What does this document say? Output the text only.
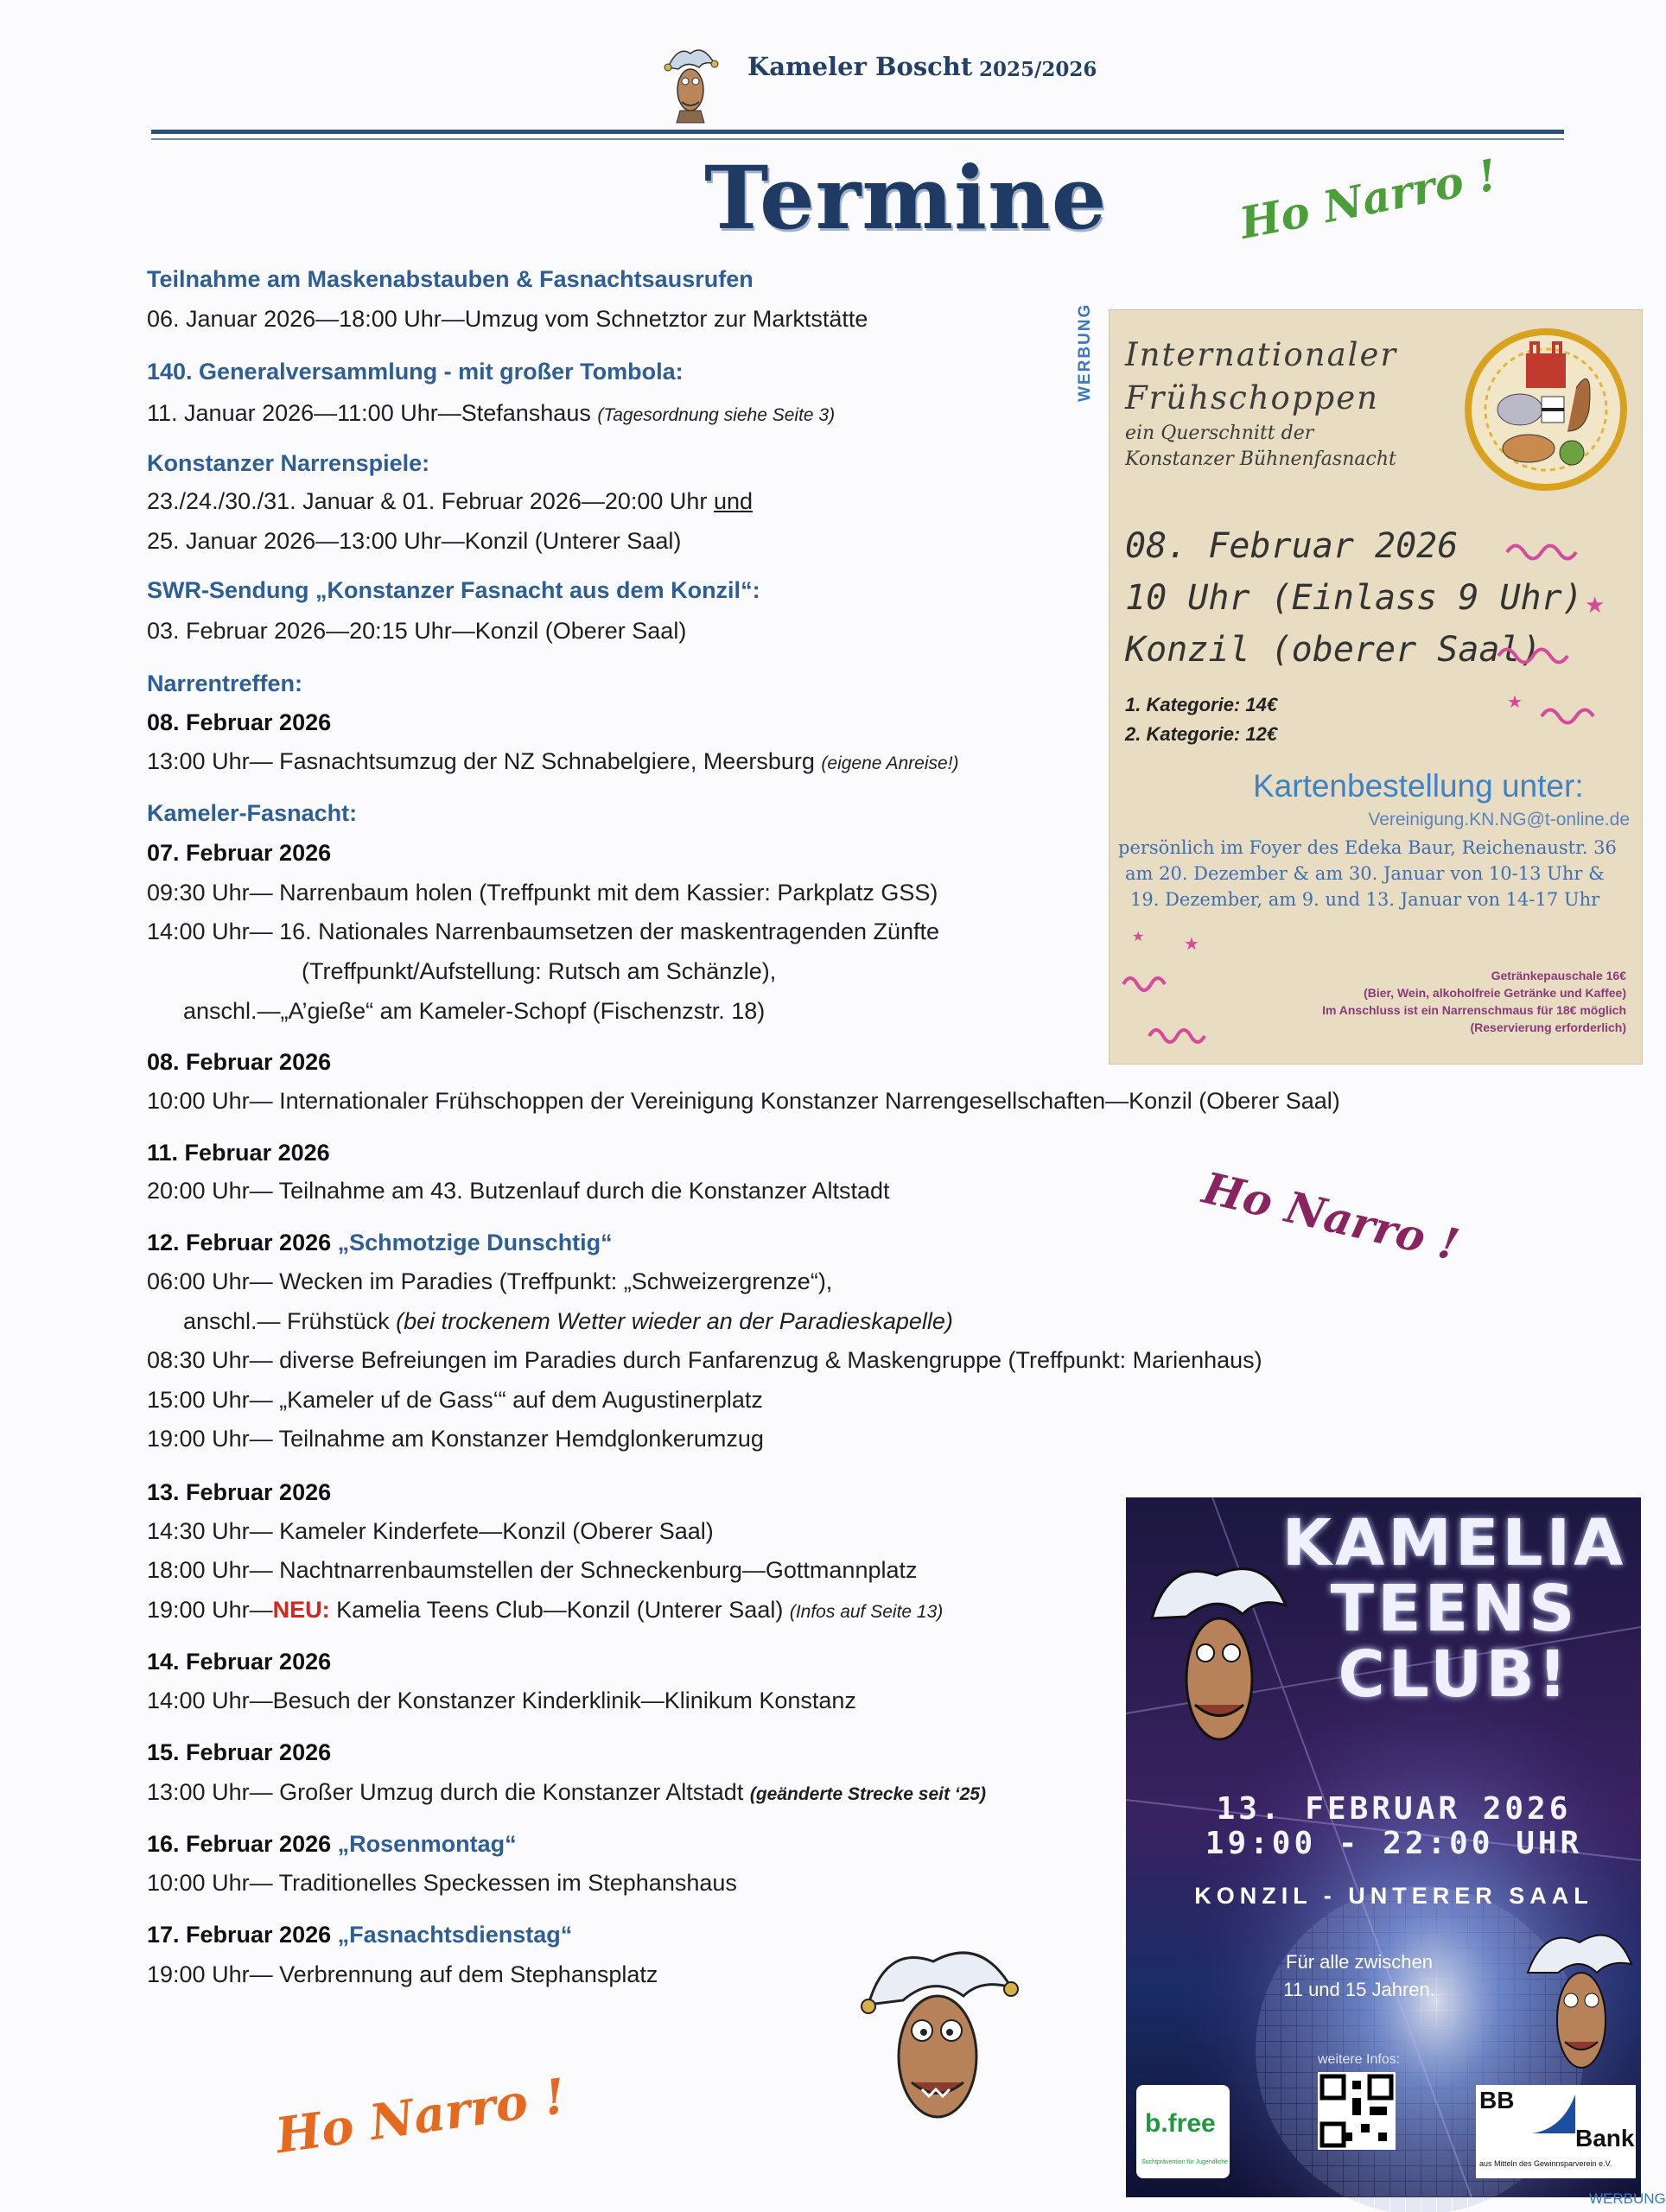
Kameler Boscht 2025/2026
Termine	Ho Narro !
Ho Narro !
Ho Narro !
Teilnahme am Maskenabstauben & Fasnachtsausrufen
06. Januar 2026—18:00 Uhr—Umzug vom Schnetztor zur Marktstätte
140. Generalversammlung - mit großer Tombola:
11. Januar 2026—11:00 Uhr—Stefanshaus (Tagesordnung siehe Seite 3)
Konstanzer Narrenspiele:
23./24./30./31. Januar & 01. Februar 2026—20:00 Uhr und
25. Januar 2026—13:00 Uhr—Konzil (Unterer Saal)
SWR-Sendung „Konstanzer Fasnacht aus dem Konzil“:
03. Februar 2026—20:15 Uhr—Konzil (Oberer Saal)
Narrentreffen:
08. Februar 2026
13:00 Uhr— Fasnachtsumzug der NZ Schnabelgiere, Meersburg (eigene Anreise!)
Kameler-Fasnacht:
07. Februar 2026
09:30 Uhr— Narrenbaum holen (Treffpunkt mit dem Kassier: Parkplatz GSS)
14:00 Uhr— 16. Nationales Narrenbaumsetzen der maskentragenden Zünfte
(Treffpunkt/Aufstellung: Rutsch am Schänzle),
anschl.—„A’gieße“ am Kameler-Schopf (Fischenzstr. 18)
08. Februar 2026
10:00 Uhr— Internationaler Frühschoppen der Vereinigung Konstanzer Narrengesellschaften—Konzil (Oberer Saal)
11. Februar 2026
20:00 Uhr— Teilnahme am 43. Butzenlauf durch die Konstanzer Altstadt
12. Februar 2026 „Schmotzige Dunschtig“
06:00 Uhr— Wecken im Paradies (Treffpunkt: „Schweizergrenze“),
anschl.— Frühstück (bei trockenem Wetter wieder an der Paradieskapelle)
08:30 Uhr— diverse Befreiungen im Paradies durch Fanfarenzug & Maskengruppe (Treffpunkt: Marienhaus)
15:00 Uhr— „Kameler uf de Gass‘“ auf dem Augustinerplatz
19:00 Uhr— Teilnahme am Konstanzer Hemdglonkerumzug
13. Februar 2026
14:30 Uhr— Kameler Kinderfete—Konzil (Oberer Saal)
18:00 Uhr— Nachtnarrenbaumstellen der Schneckenburg—Gottmannplatz
19:00 Uhr—NEU: Kamelia Teens Club—Konzil (Unterer Saal) (Infos auf Seite 13)
14. Februar 2026
14:00 Uhr—Besuch der Konstanzer Kinderklinik—Klinikum Konstanz
15. Februar 2026
13:00 Uhr— Großer Umzug durch die Konstanzer Altstadt (geänderte Strecke seit ‘25)
16. Februar 2026 „Rosenmontag“
10:00 Uhr— Traditionelles Speckessen im Stephanshaus
17. Februar 2026 „Fasnachtsdienstag“
19:00 Uhr— Verbrennung auf dem Stephansplatz
WERBUNG Internationaler
Frühschoppen
ein Querschnitt der
Konstanzer Bühnenfasnacht
08. Februar 2026
10 Uhr (Einlass 9 Uhr)
Konzil (oberer Saal)
1. Kategorie: 14€
2. Kategorie: 12€
★
★
Kartenbestellung unter:
Vereinigung.KN.NG@t-online.de
persönlich im Foyer des Edeka Baur, Reichenaustr. 36
am 20. Dezember & am 30. Januar von 10-13 Uhr &
19. Dezember, am 9. und 13. Januar von 14-17 Uhr
★
★
Getränkepauschale 16€
(Bier, Wein, alkoholfreie Getränke und Kaffee)
Im Anschluss ist ein Narrenschmaus für 18€ möglich
(Reservierung erforderlich)
KAMELIA
TEENS
CLUB!
13. FEBRUAR 2026
19:00 - 22:00 UHR
KONZIL - UNTERER SAAL
Für alle zwischen
11 und 15 Jahren.
weitere Infos:
b.free
Suchtprävention für Jugendliche
BB
Bank
aus Mitteln des Gewinnsparverein e.V.
WERBUNG
